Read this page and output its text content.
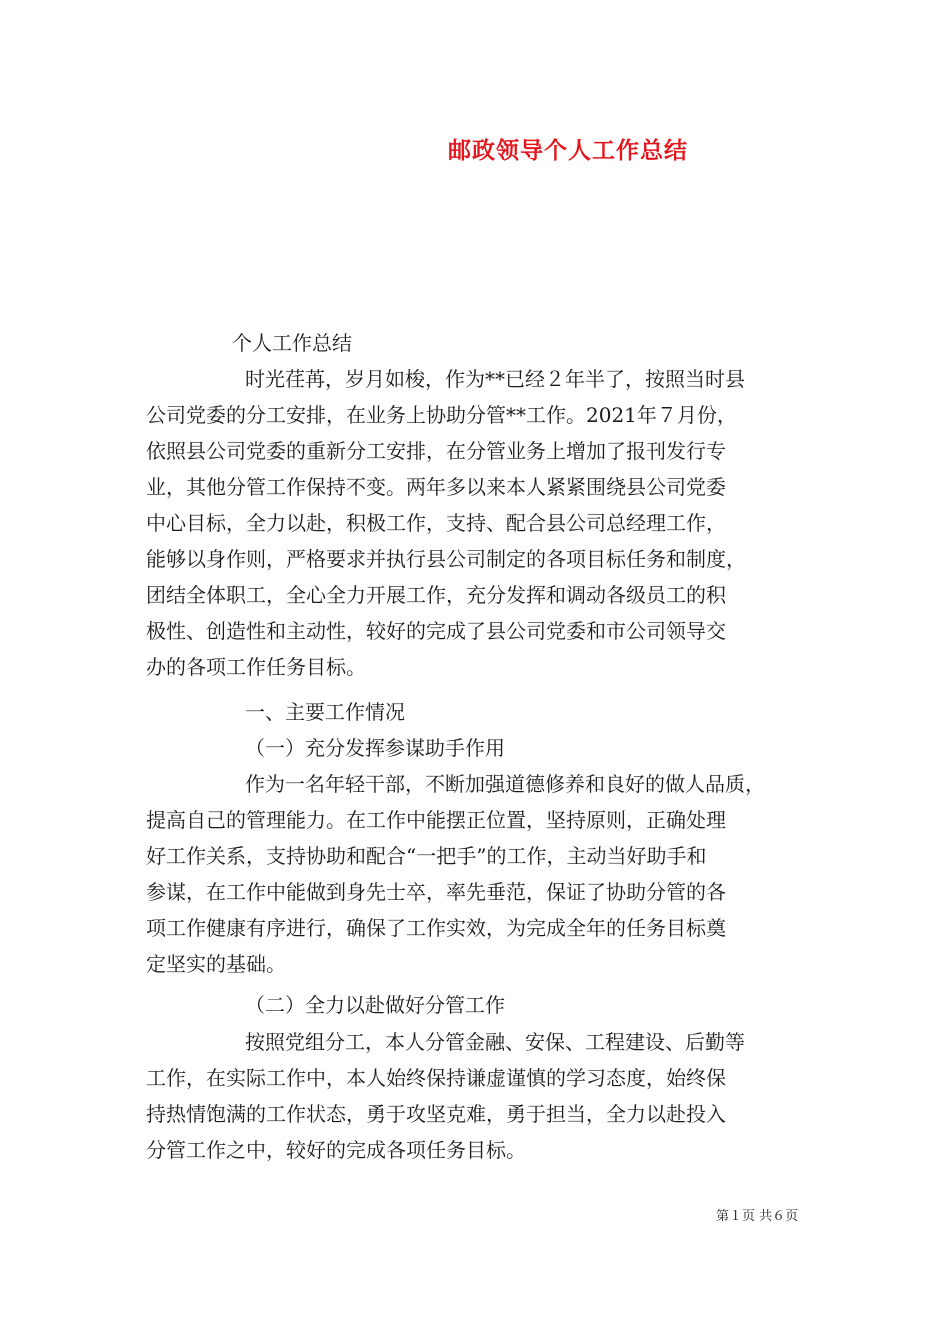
邮政领导个人工作总结
个人工作总结
时光荏苒，岁月如梭，作为**已经２年半了，按照当时县
公司党委的分工安排，在业务上协助分管**工作。2021年７月份，
依照县公司党委的重新分工安排，在分管业务上增加了报刊发行专
业，其他分管工作保持不变。两年多以来本人紧紧围绕县公司党委
中心目标，全力以赴，积极工作，支持、配合县公司总经理工作，
能够以身作则，严格要求并执行县公司制定的各项目标任务和制度，
团结全体职工，全心全力开展工作，充分发挥和调动各级员工的积
极性、创造性和主动性，较好的完成了县公司党委和市公司领导交
办的各项工作任务目标。
一、主要工作情况
（一）充分发挥参谋助手作用
作为一名年轻干部，不断加强道德修养和良好的做人品质，
提高自己的管理能力。在工作中能摆正位置，坚持原则，正确处理
好工作关系，支持协助和配合“一把手”的工作，主动当好助手和
参谋，在工作中能做到身先士卒，率先垂范，保证了协助分管的各
项工作健康有序进行，确保了工作实效，为完成全年的任务目标奠
定坚实的基础。
（二）全力以赴做好分管工作
按照党组分工，本人分管金融、安保、工程建设、后勤等
工作，在实际工作中，本人始终保持谦虚谨慎的学习态度，始终保
持热情饱满的工作状态，勇于攻坚克难，勇于担当，全力以赴投入
分管工作之中，较好的完成各项任务目标。
第１页 共６页
